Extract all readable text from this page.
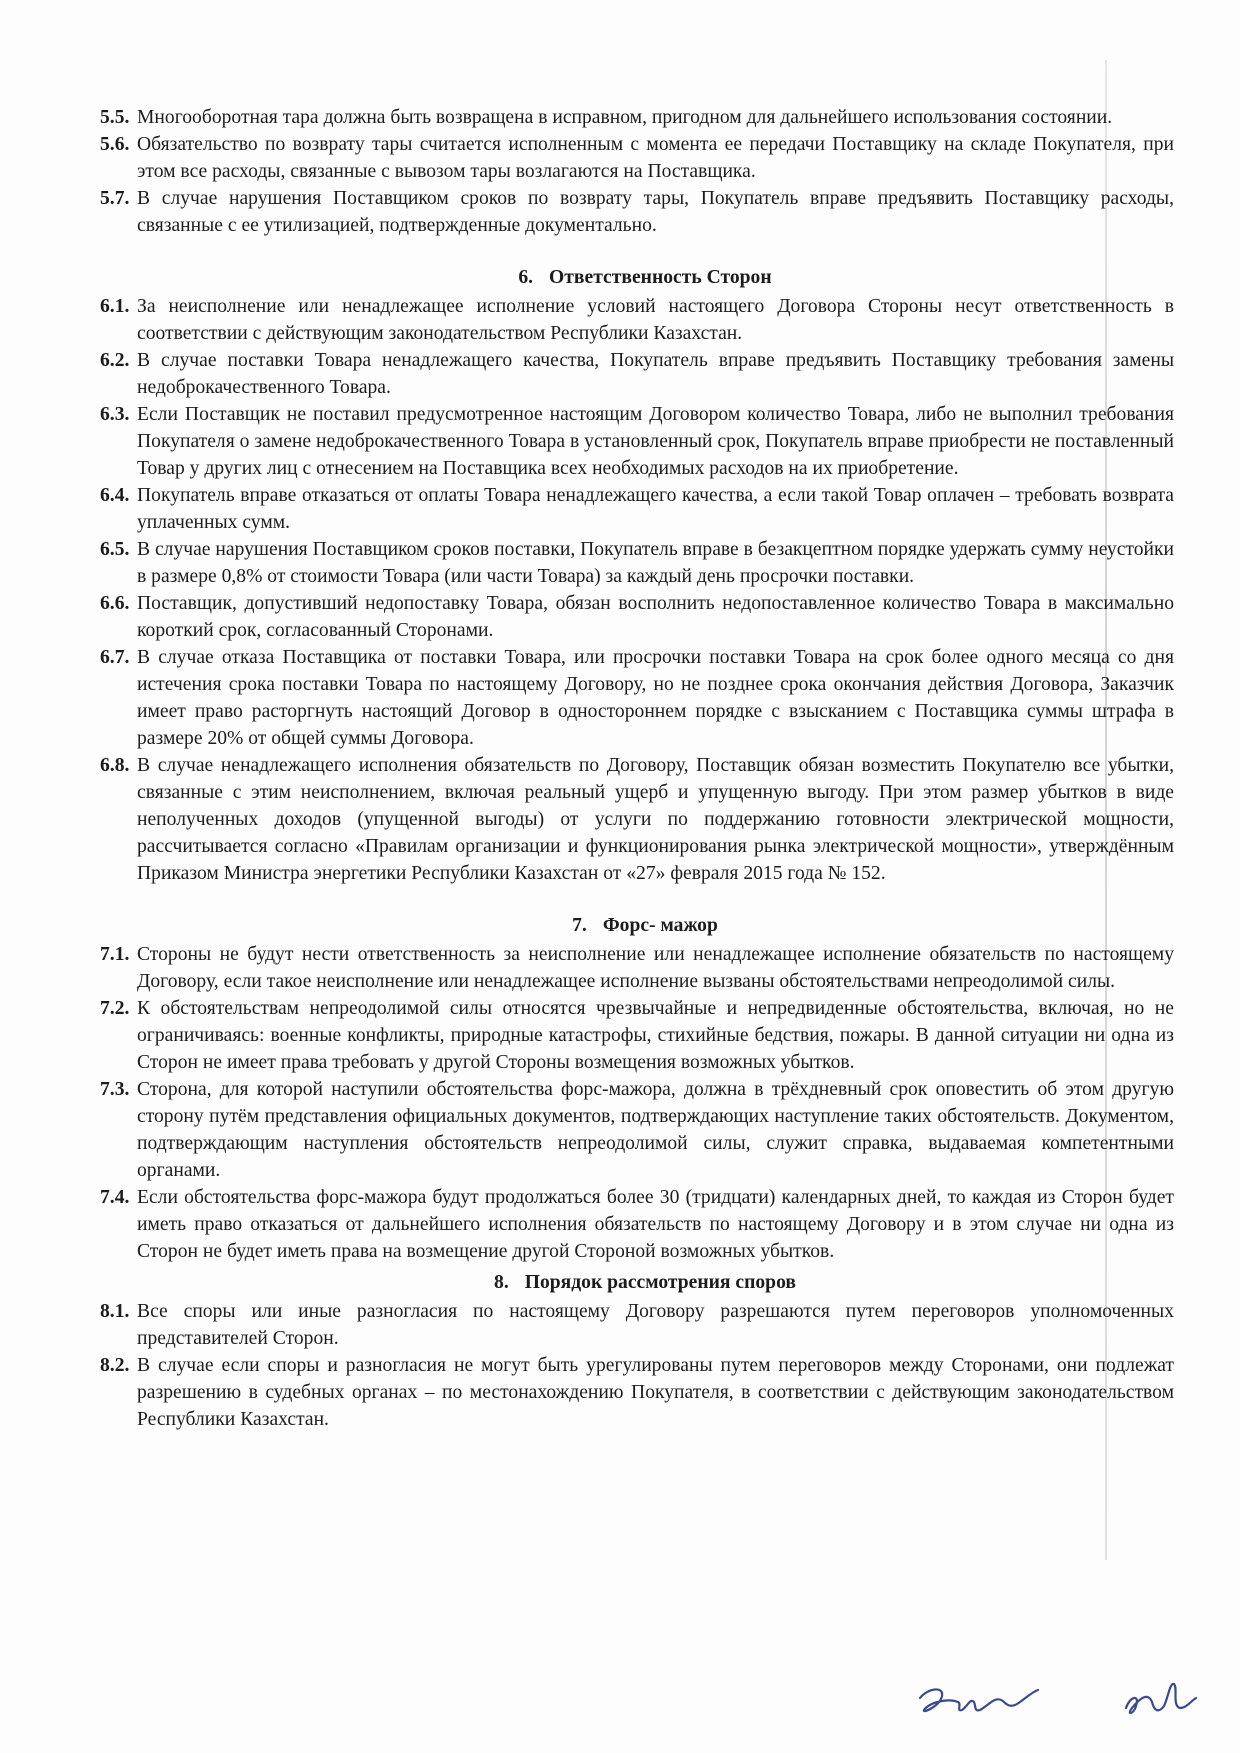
5.5. Многооборотная тара должна быть возвращена в исправном, пригодном для дальнейшего использования состоянии.
5.6. Обязательство по возврату тары считается исполненным с момента ее передачи Поставщику на складе Покупателя, при этом все расходы, связанные с вывозом тары возлагаются на Поставщика.
5.7. В случае нарушения Поставщиком сроков по возврату тары, Покупатель вправе предъявить Поставщику расходы, связанные с ее утилизацией, подтвержденные документально.
6. Ответственность Сторон
6.1. За неисполнение или ненадлежащее исполнение условий настоящего Договора Стороны несут ответственность в соответствии с действующим законодательством Республики Казахстан.
6.2. В случае поставки Товара ненадлежащего качества, Покупатель вправе предъявить Поставщику требования замены недоброкачественного Товара.
6.3. Если Поставщик не поставил предусмотренное настоящим Договором количество Товара, либо не выполнил требования Покупателя о замене недоброкачественного Товара в установленный срок, Покупатель вправе приобрести не поставленный Товар у других лиц с отнесением на Поставщика всех необходимых расходов на их приобретение.
6.4. Покупатель вправе отказаться от оплаты Товара ненадлежащего качества, а если такой Товар оплачен – требовать возврата уплаченных сумм.
6.5. В случае нарушения Поставщиком сроков поставки, Покупатель вправе в безакцептном порядке удержать сумму неустойки в размере 0,8% от стоимости Товара (или части Товара) за каждый день просрочки поставки.
6.6. Поставщик, допустивший недопоставку Товара, обязан восполнить недопоставленное количество Товара в максимально короткий срок, согласованный Сторонами.
6.7. В случае отказа Поставщика от поставки Товара, или просрочки поставки Товара на срок более одного месяца со дня истечения срока поставки Товара по настоящему Договору, но не позднее срока окончания действия Договора, Заказчик имеет право расторгнуть настоящий Договор в одностороннем порядке с взысканием с Поставщика суммы штрафа в размере 20% от общей суммы Договора.
6.8. В случае ненадлежащего исполнения обязательств по Договору, Поставщик обязан возместить Покупателю все убытки, связанные с этим неисполнением, включая реальный ущерб и упущенную выгоду. При этом размер убытков в виде неполученных доходов (упущенной выгоды) от услуги по поддержанию готовности электрической мощности, рассчитывается согласно «Правилам организации и функционирования рынка электрической мощности», утверждённым Приказом Министра энергетики Республики Казахстан от «27» февраля 2015 года № 152.
7. Форс- мажор
7.1. Стороны не будут нести ответственность за неисполнение или ненадлежащее исполнение обязательств по настоящему Договору, если такое неисполнение или ненадлежащее исполнение вызваны обстоятельствами непреодолимой силы.
7.2. К обстоятельствам непреодолимой силы относятся чрезвычайные и непредвиденные обстоятельства, включая, но не ограничиваясь: военные конфликты, природные катастрофы, стихийные бедствия, пожары. В данной ситуации ни одна из Сторон не имеет права требовать у другой Стороны возмещения возможных убытков.
7.3. Сторона, для которой наступили обстоятельства форс-мажора, должна в трёхдневный срок оповестить об этом другую сторону путём представления официальных документов, подтверждающих наступление таких обстоятельств. Документом, подтверждающим наступления обстоятельств непреодолимой силы, служит справка, выдаваемая компетентными органами.
7.4. Если обстоятельства форс-мажора будут продолжаться более 30 (тридцати) календарных дней, то каждая из Сторон будет иметь право отказаться от дальнейшего исполнения обязательств по настоящему Договору и в этом случае ни одна из Сторон не будет иметь права на возмещение другой Стороной возможных убытков.
8. Порядок рассмотрения споров
8.1. Все споры или иные разногласия по настоящему Договору разрешаются путем переговоров уполномоченных представителей Сторон.
8.2. В случае если споры и разногласия не могут быть урегулированы путем переговоров между Сторонами, они подлежат разрешению в судебных органах – по местонахождению Покупателя, в соответствии с действующим законодательством Республики Казахстан.
